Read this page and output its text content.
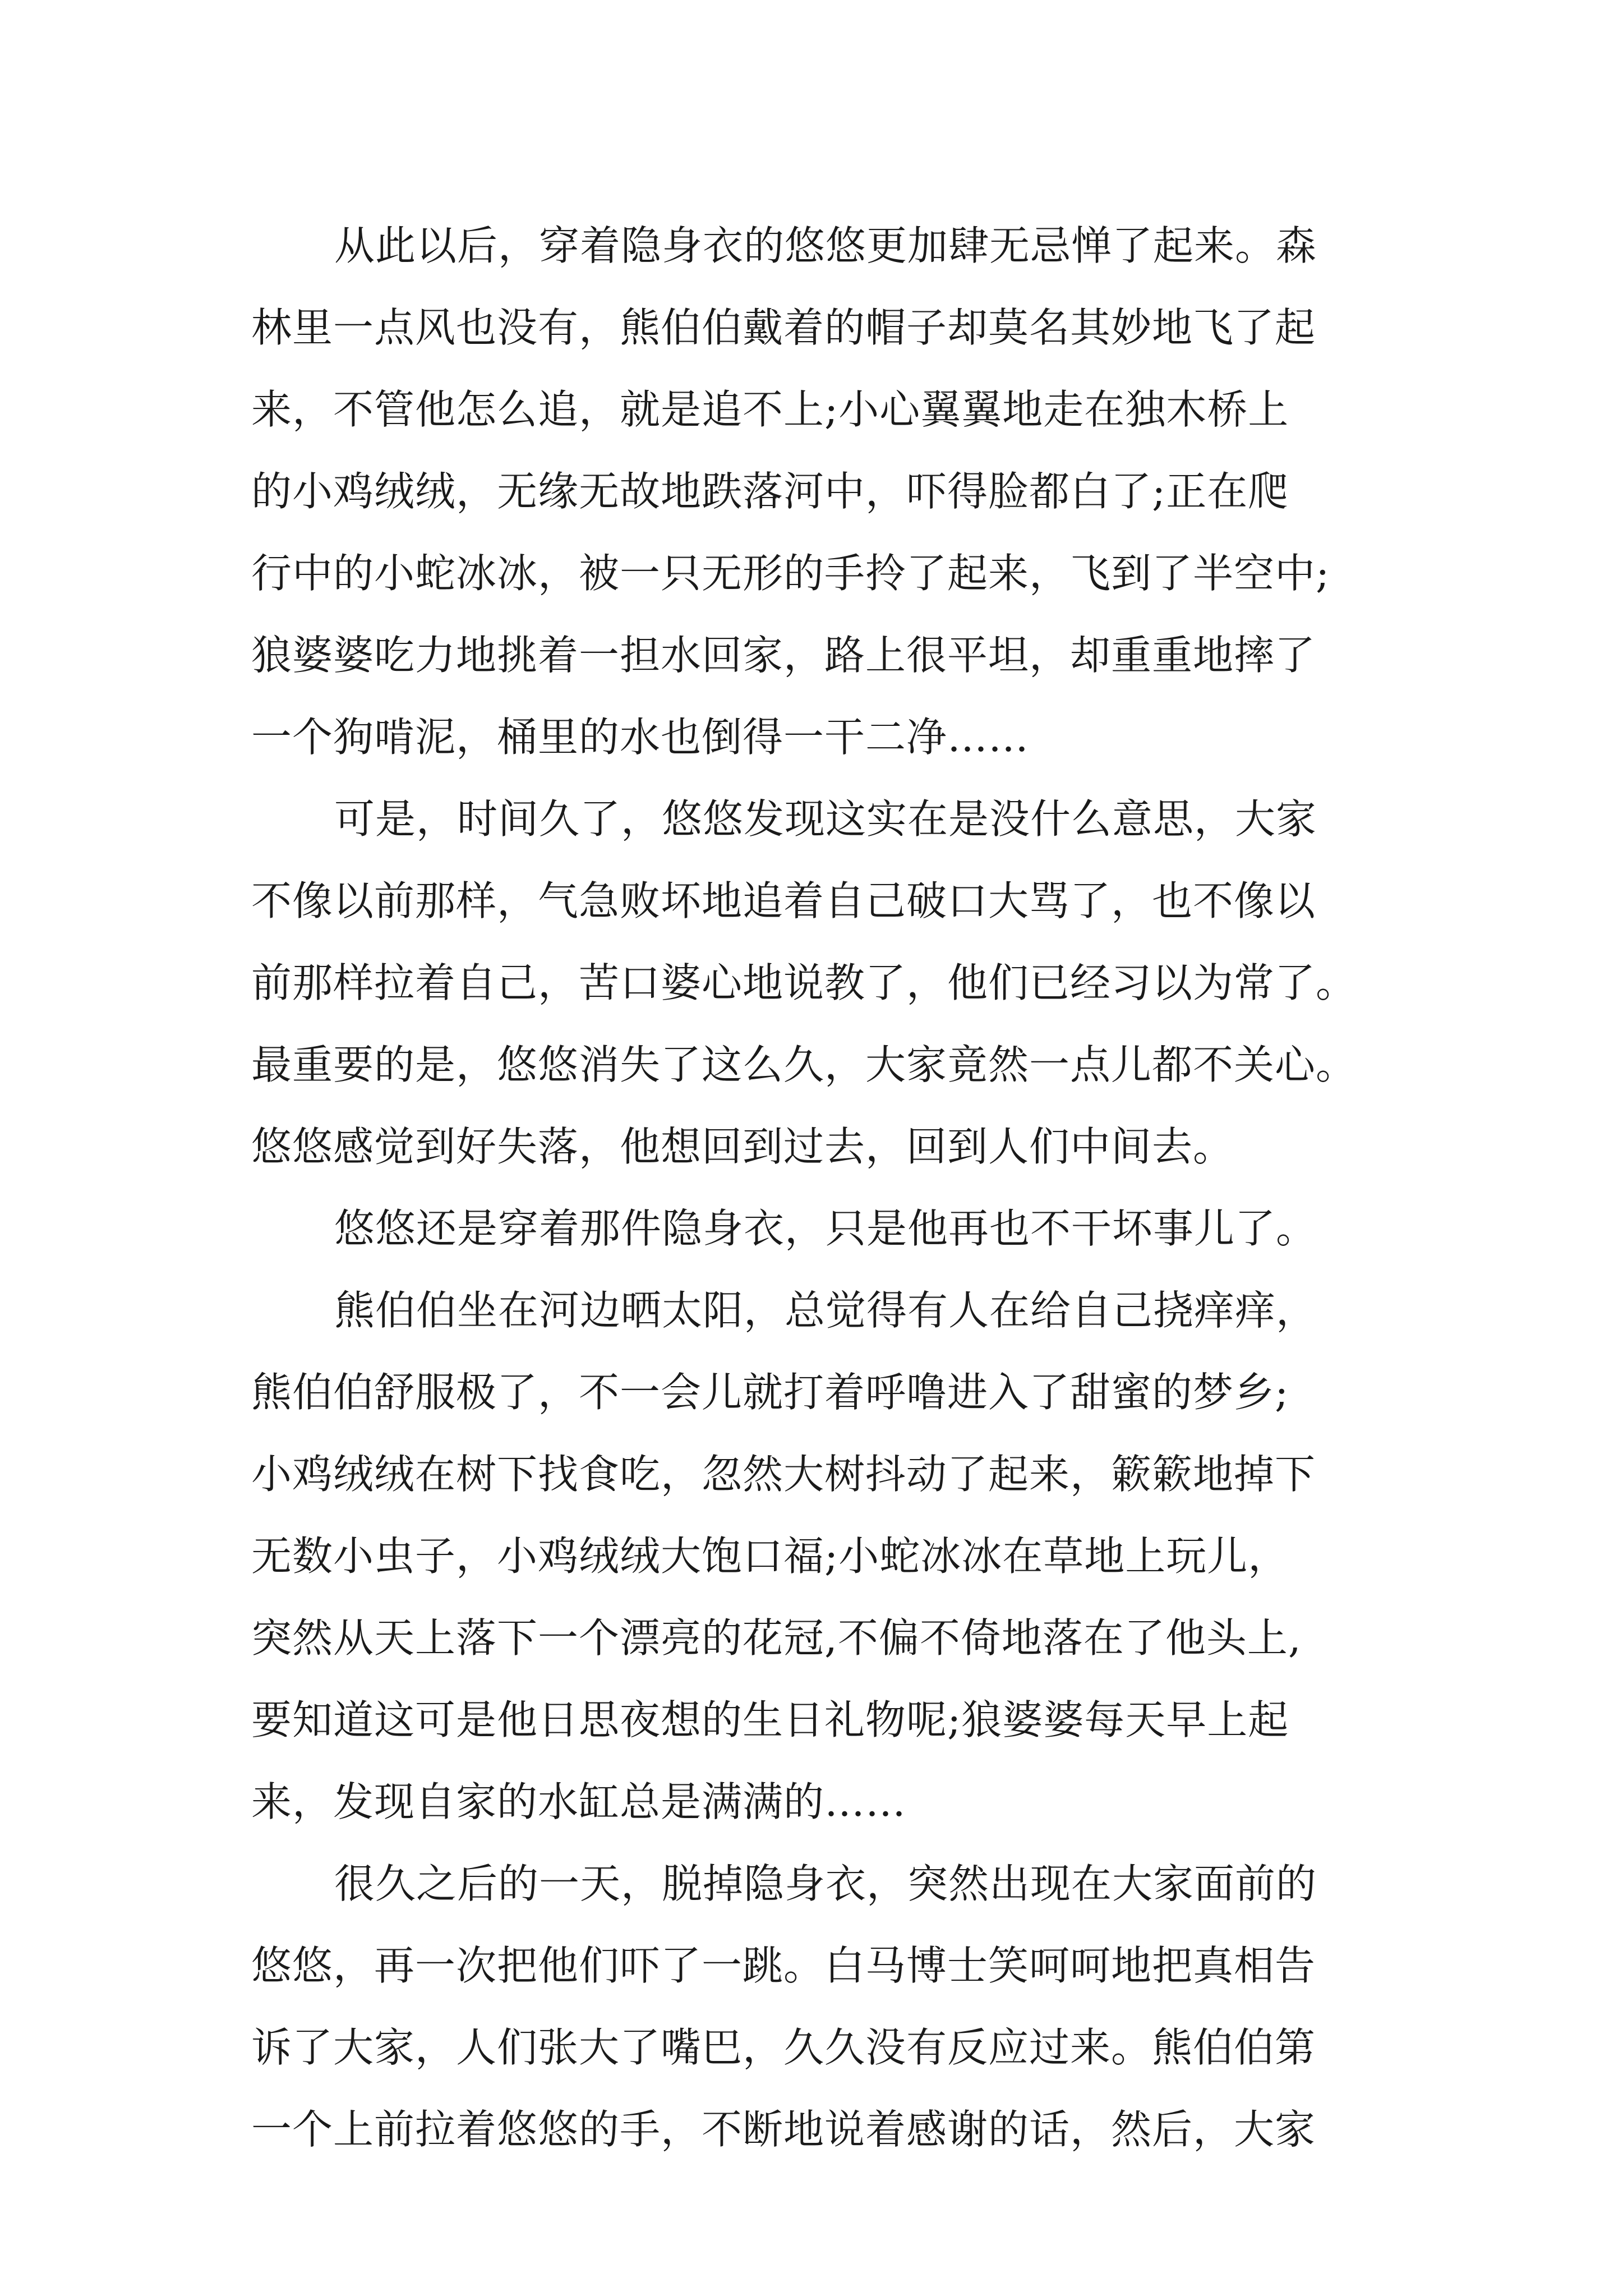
从此以后，穿着隐身衣的悠悠更加肆无忌惮了起来。森
林里一点风也没有，熊伯伯戴着的帽子却莫名其妙地飞了起
来，不管他怎么追，就是追不上;小心翼翼地走在独木桥上
的小鸡绒绒，无缘无故地跌落河中，吓得脸都白了;正在爬
行中的小蛇冰冰，被一只无形的手拎了起来，飞到了半空中;
狼婆婆吃力地挑着一担水回家，路上很平坦，却重重地摔了
一个狗啃泥，桶里的水也倒得一干二净……
可是，时间久了，悠悠发现这实在是没什么意思，大家
不像以前那样，气急败坏地追着自己破口大骂了，也不像以
前那样拉着自己，苦口婆心地说教了，他们已经习以为常了。
最重要的是，悠悠消失了这么久，大家竟然一点儿都不关心。
悠悠感觉到好失落，他想回到过去，回到人们中间去。
悠悠还是穿着那件隐身衣，只是他再也不干坏事儿了。
熊伯伯坐在河边晒太阳，总觉得有人在给自己挠痒痒，
熊伯伯舒服极了，不一会儿就打着呼噜进入了甜蜜的梦乡;
小鸡绒绒在树下找食吃，忽然大树抖动了起来，簌簌地掉下
无数小虫子，小鸡绒绒大饱口福;小蛇冰冰在草地上玩儿，
突然从天上落下一个漂亮的花冠,不偏不倚地落在了他头上,
要知道这可是他日思夜想的生日礼物呢;狼婆婆每天早上起
来，发现自家的水缸总是满满的……
很久之后的一天，脱掉隐身衣，突然出现在大家面前的
悠悠，再一次把他们吓了一跳。白马博士笑呵呵地把真相告
诉了大家，人们张大了嘴巴，久久没有反应过来。熊伯伯第
一个上前拉着悠悠的手，不断地说着感谢的话，然后，大家
